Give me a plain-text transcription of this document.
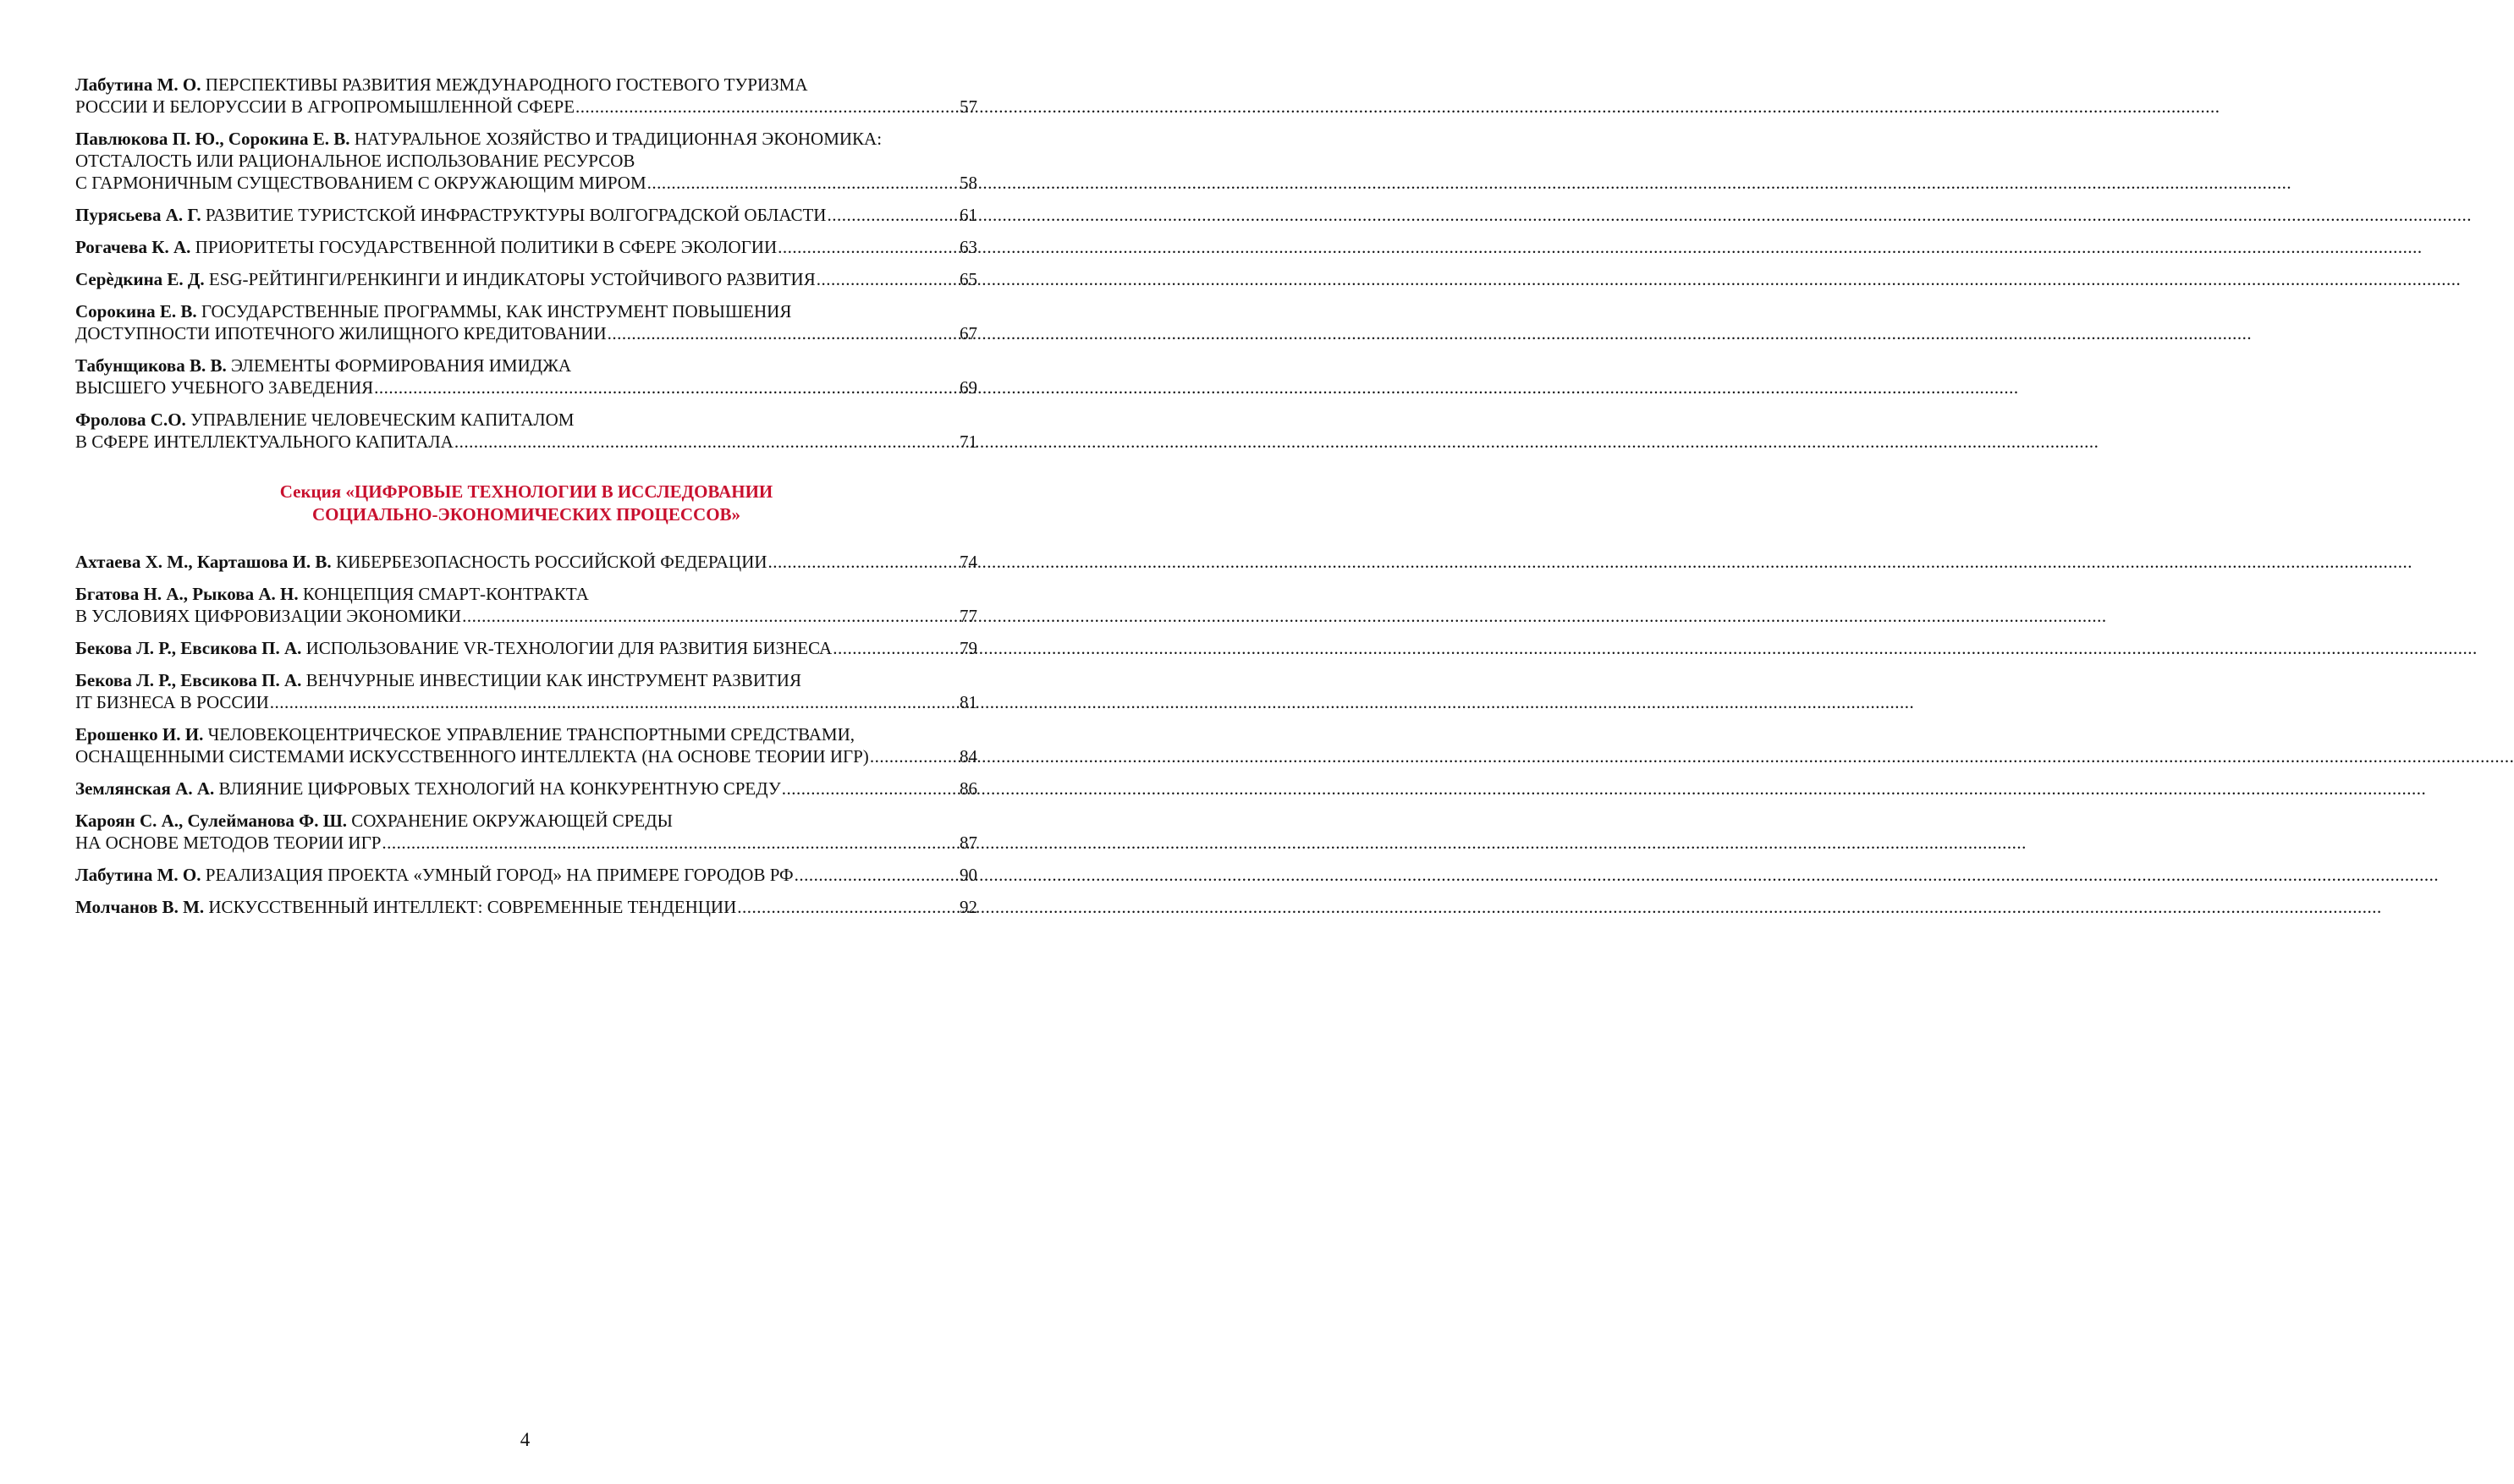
Лабутина М. О. ПЕРСПЕКТИВЫ РАЗВИТИЯ МЕЖДУНАРОДНОГО ГОСТЕВОГО ТУРИЗМА
РОССИИ И БЕЛОРУССИИ В АГРОПРОМЫШЛЕННОЙ СФЕРЕ .....	57
Павлюкова П. Ю., Сорокина Е. В. НАТУРАЛЬНОЕ ХОЗЯЙСТВО И ТРАДИЦИОННАЯ ЭКОНОМИКА:
ОТСТАЛОСТЬ ИЛИ РАЦИОНАЛЬНОЕ ИСПОЛЬЗОВАНИЕ РЕСУРСОВ
С ГАРМОНИЧНЫМ СУЩЕСТВОВАНИЕМ С ОКРУЖАЮЩИМ МИРОМ .....	58
Пурясьева А. Г. РАЗВИТИЕ ТУРИСТСКОЙ ИНФРАСТРУКТУРЫ ВОЛГОГРАДСКОЙ ОБЛАСТИ .....	61
Рогачева К. А. ПРИОРИТЕТЫ ГОСУДАРСТВЕННОЙ ПОЛИТИКИ В СФЕРЕ ЭКОЛОГИИ .....	63
Серѐдкина Е. Д. ESG-РЕЙТИНГИ/РЕНКИНГИ И ИНДИКАТОРЫ УСТОЙЧИВОГО РАЗВИТИЯ .....	65
Сорокина Е. В. ГОСУДАРСТВЕННЫЕ ПРОГРАММЫ, КАК ИНСТРУМЕНТ ПОВЫШЕНИЯ
ДОСТУПНОСТИ ИПОТЕЧНОГО ЖИЛИЩНОГО КРЕДИТОВАНИИ .....	67
Табунщикова В. В. ЭЛЕМЕНТЫ ФОРМИРОВАНИЯ ИМИДЖА
ВЫСШЕГО УЧЕБНОГО ЗАВЕДЕНИЯ .....	69
Фролова С.О. УПРАВЛЕНИЕ ЧЕЛОВЕЧЕСКИМ КАПИТАЛОМ
В СФЕРЕ ИНТЕЛЛЕКТУАЛЬНОГО КАПИТАЛА .....	71
Секция «ЦИФРОВЫЕ ТЕХНОЛОГИИ В ИССЛЕДОВАНИИ
СОЦИАЛЬНО-ЭКОНОМИЧЕСКИХ ПРОЦЕССОВ»
Ахтаева Х. М., Карташова И. В. КИБЕРБЕЗОПАСНОСТЬ РОССИЙСКОЙ ФЕДЕРАЦИИ .....	74
Бгатова Н. А., Рыкова А. Н. КОНЦЕПЦИЯ СМАРТ-КОНТРАКТА
В УСЛОВИЯХ ЦИФРОВИЗАЦИИ ЭКОНОМИКИ .....	77
Бекова Л. Р., Евсикова П. А. ИСПОЛЬЗОВАНИЕ VR-ТЕХНОЛОГИИ ДЛЯ РАЗВИТИЯ БИЗНЕСА .....	79
Бекова Л. Р., Евсикова П. А. ВЕНЧУРНЫЕ ИНВЕСТИЦИИ КАК ИНСТРУМЕНТ РАЗВИТИЯ
IT БИЗНЕСА В РОССИИ .....	81
Ерошенко И. И. ЧЕЛОВЕКОЦЕНТРИЧЕСКОЕ УПРАВЛЕНИЕ ТРАНСПОРТНЫМИ СРЕДСТВАМИ,
ОСНАЩЕННЫМИ СИСТЕМАМИ ИСКУССТВЕННОГО ИНТЕЛЛЕКТА (НА ОСНОВЕ ТЕОРИИ ИГР) .....	84
Землянская А. А. ВЛИЯНИЕ ЦИФРОВЫХ ТЕХНОЛОГИЙ НА КОНКУРЕНТНУЮ СРЕДУ .....	86
Кароян С. А., Сулейманова Ф. Ш. СОХРАНЕНИЕ ОКРУЖАЮЩЕЙ СРЕДЫ
НА ОСНОВЕ МЕТОДОВ ТЕОРИИ ИГР .....	87
Лабутина М. О. РЕАЛИЗАЦИЯ ПРОЕКТА «УМНЫЙ ГОРОД» НА ПРИМЕРЕ ГОРОДОВ РФ .....	90
Молчанов В. М. ИСКУССТВЕННЫЙ ИНТЕЛЛЕКТ: СОВРЕМЕННЫЕ ТЕНДЕНЦИИ .....	92
4
